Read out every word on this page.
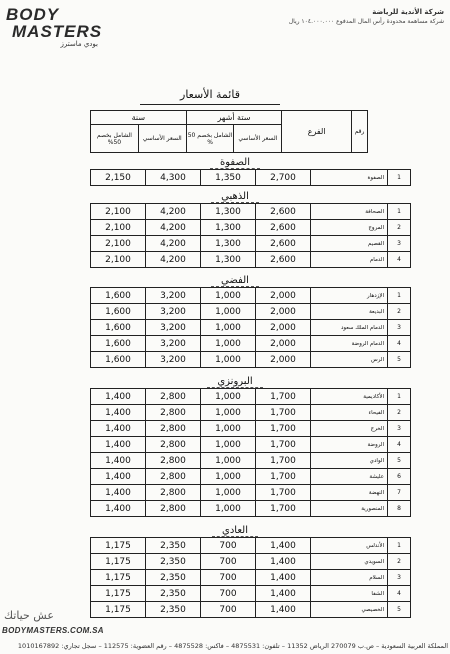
BODY
MASTERS
بودي ماسترز
شركة الأندية للرياضة
شركة مساهمة محدودة رأس المال المدفوع ١٠٤.٠٠٠.٠٠٠ ريال
قائمة الأسعار
سنة		ستة أشهر		الفرع	رقم
الشامل بخصم 50%	السعر الأساسي	الشامل بخصم 50 %	السعر الأساسي		
الصفوة
2,150	4,300	1,350	2,700	الصفوة	1
الذهبي
2,100	4,200	1,300	2,600	الصحافة	1
2,100	4,200	1,300	2,600	المروج	2
2,100	4,200	1,300	2,600	القصيم	3
2,100	4,200	1,300	2,600	الدمام	4
الفضي
1,600	3,200	1,000	2,000	الإزدهار	1
1,600	3,200	1,000	2,000	البديعة	2
1,600	3,200	1,000	2,000	الدمام الملك سعود	3
1,600	3,200	1,000	2,000	الدمام الروضة	4
1,600	3,200	1,000	2,000	الرس	5
البرونزي
1,400	2,800	1,000	1,700	الأكاديمية	1
1,400	2,800	1,000	1,700	الفيحاء	2
1,400	2,800	1,000	1,700	الخرج	3
1,400	2,800	1,000	1,700	الروضة	4
1,400	2,800	1,000	1,700	الوادي	5
1,400	2,800	1,000	1,700	عليشة	6
1,400	2,800	1,000	1,700	النهضة	7
1,400	2,800	1,000	1,700	المنصورية	8
العادي
1,175	2,350	700	1,400	الأندلس	1
1,175	2,350	700	1,400	السويدي	2
1,175	2,350	700	1,400	السلام	3
1,175	2,350	700	1,400	الشفا	4
1,175	2,350	700	1,400	الخصيصي	5
عش حياتك
BODYMASTERS.COM.SA
المملكة العربية السعودية – ص.ب 270079 الرياض 11352 – تلفون: 4875531 – فاكس: 4875528 – رقم العضوية: 112575 – سجل تجاري: 1010167892
